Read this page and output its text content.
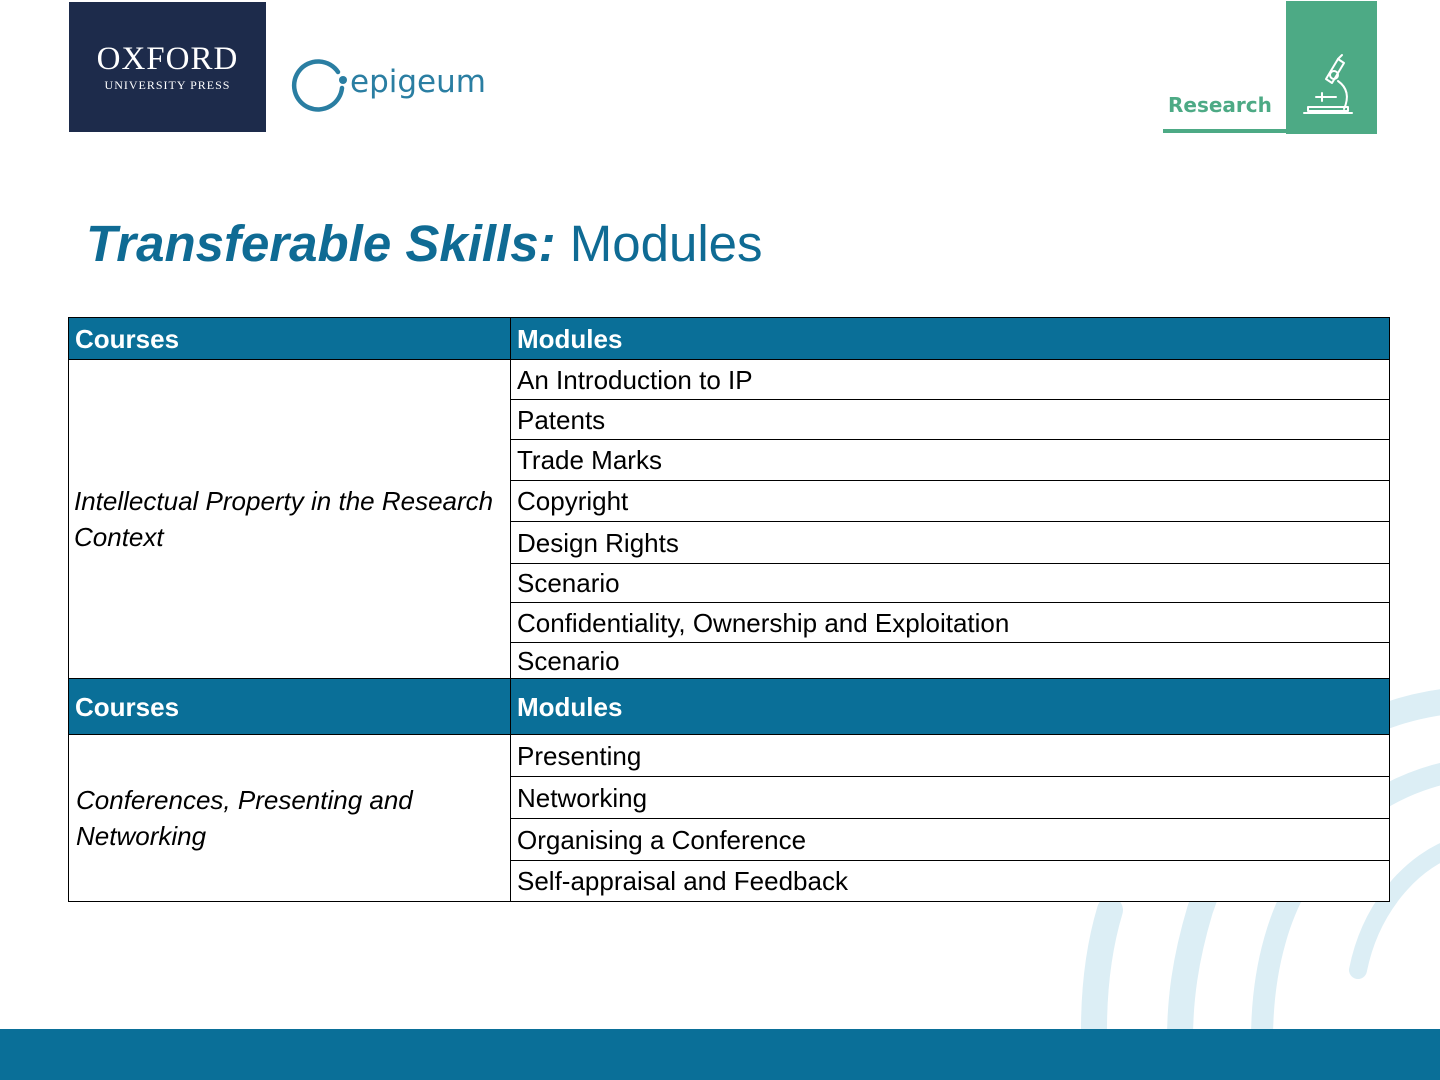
OXFORD
UNIVERSITY PRESS	epigeum
Research
Transferable Skills: Modules
Courses	Modules
Intellectual Property in the Research Context
An Introduction to IP
Patents
Trade Marks
Copyright
Design Rights
Scenario
Confidentiality, Ownership and Exploitation
Scenario
Courses	Modules
Conferences, Presenting and Networking
Presenting
Networking
Organising a Conference
Self-appraisal and Feedback
